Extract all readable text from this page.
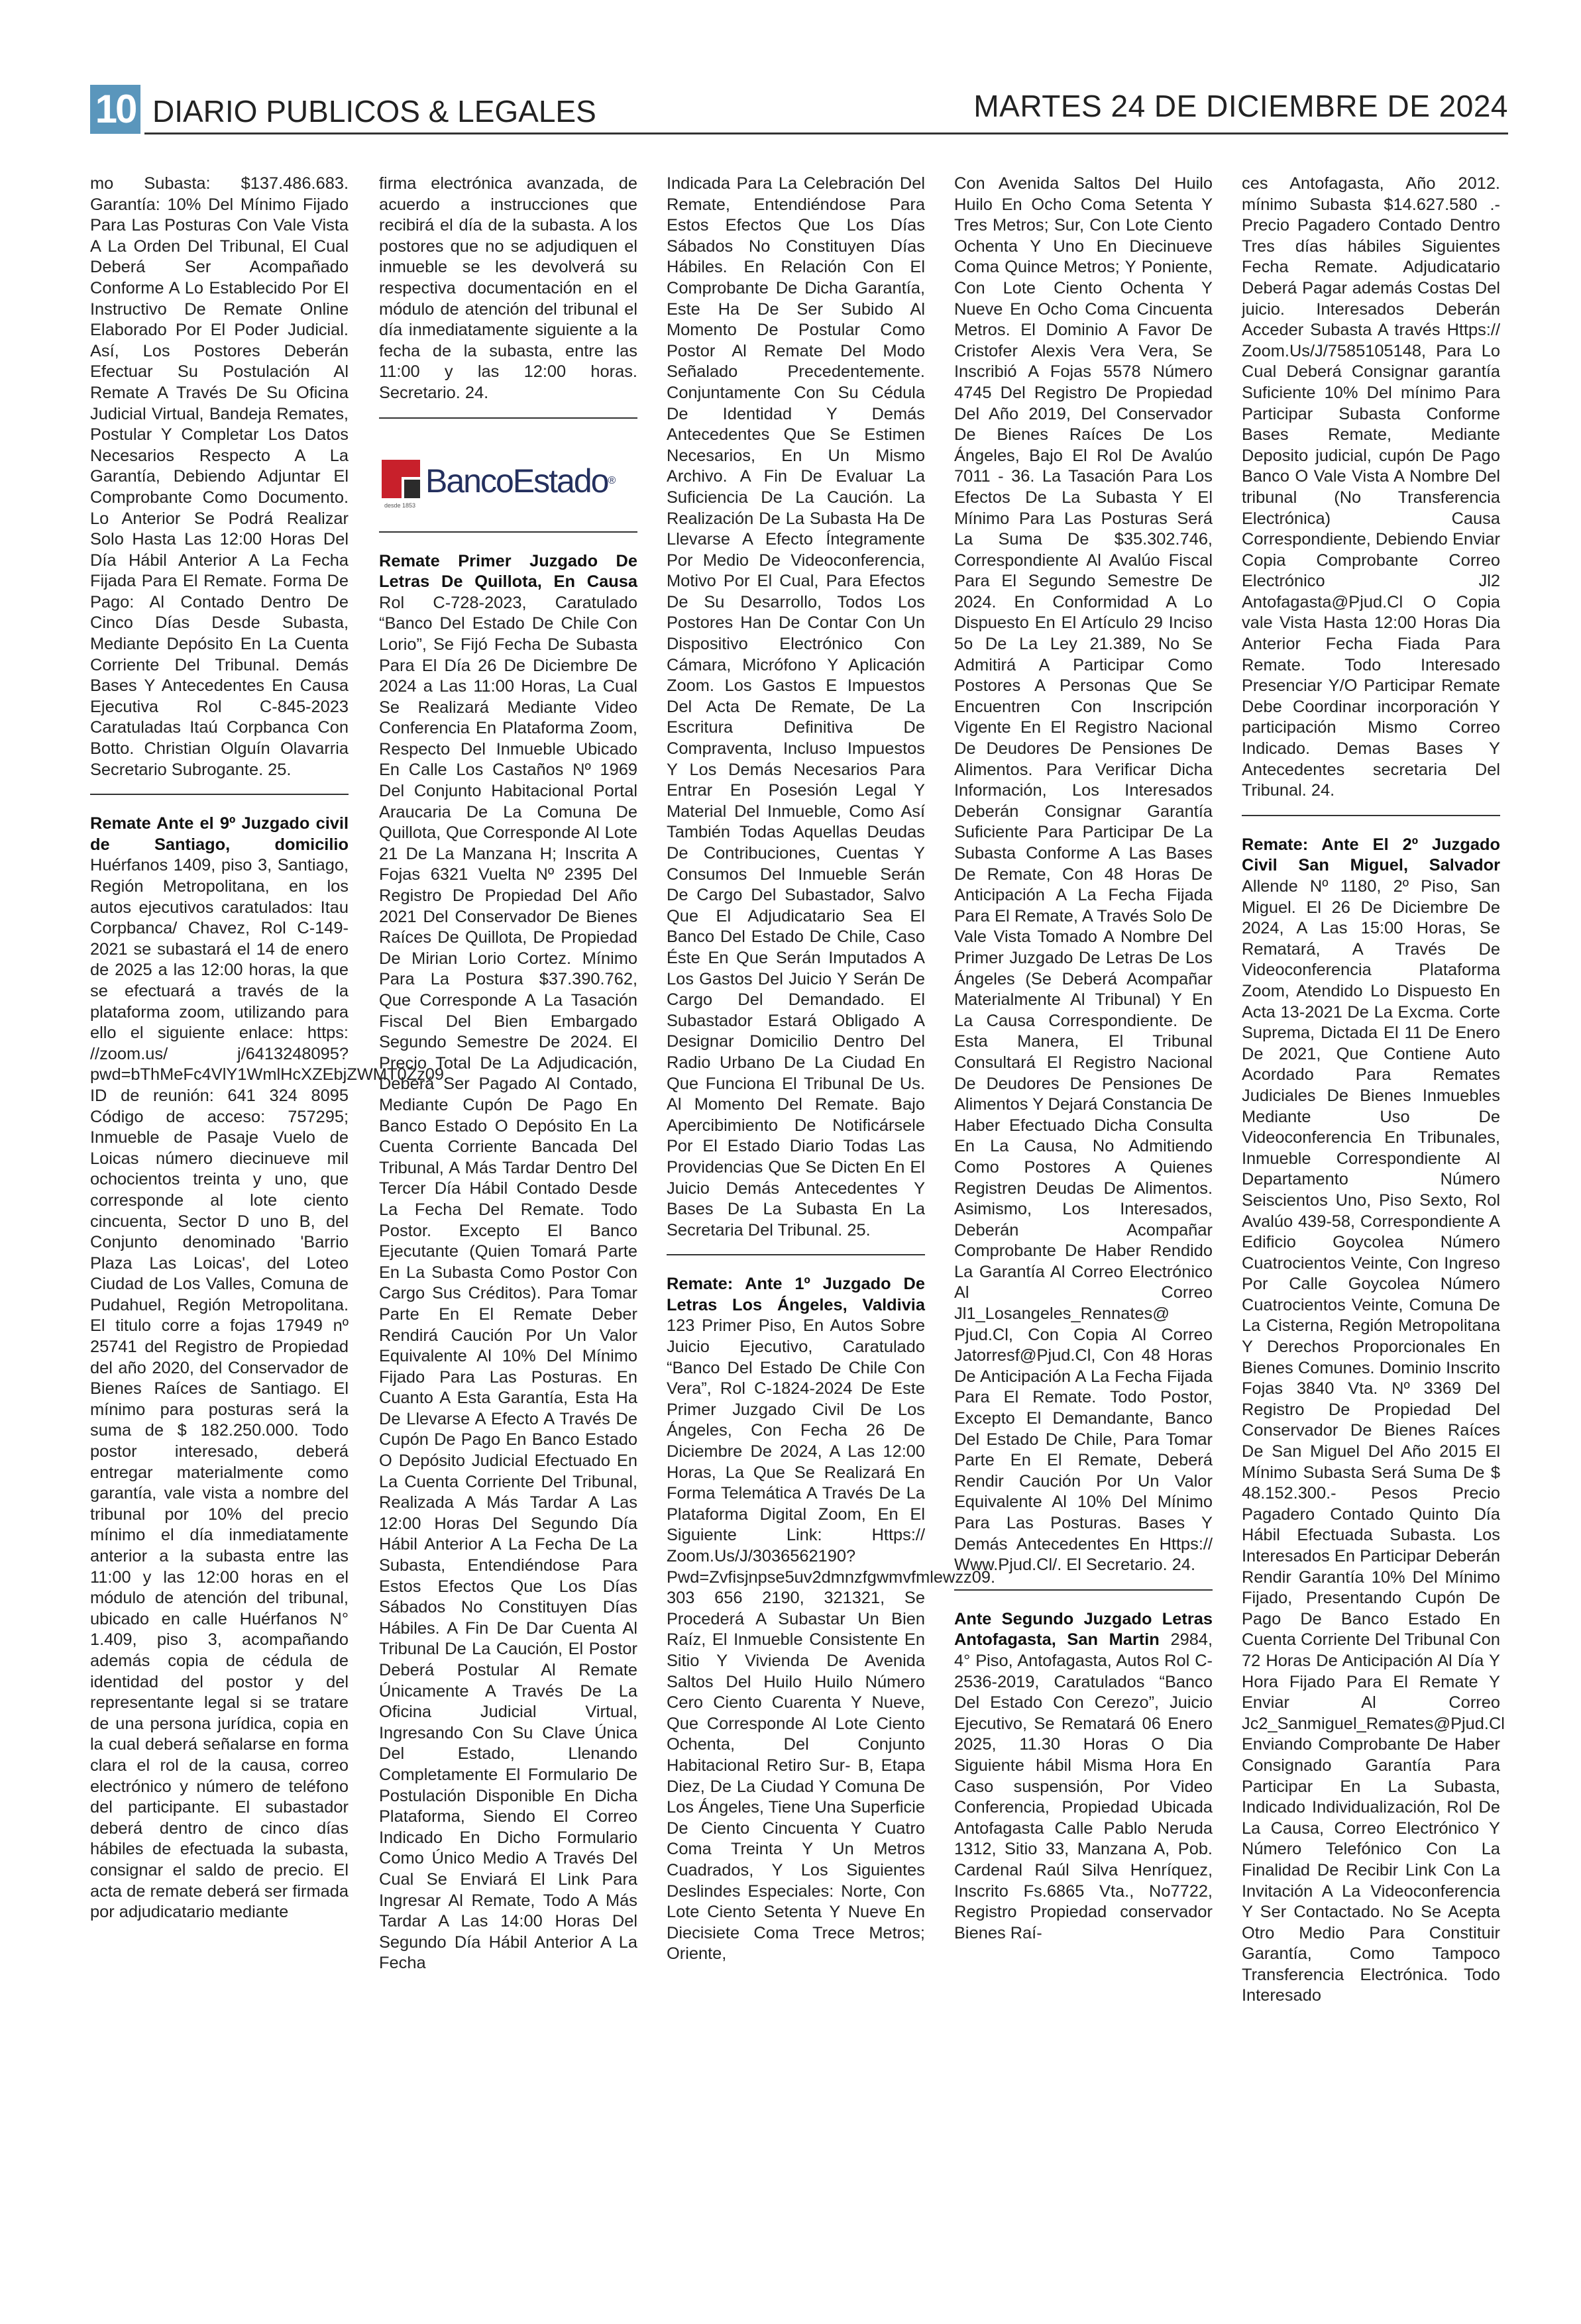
10 DIARIO PUBLICOS & LEGALES	MARTES 24 DE DICIEMBRE DE 2024

mo Subasta: $137.486.683. Garantía: 10% Del Mínimo Fijado Para Las Posturas Con Vale Vista A La Orden Del Tribunal, El Cual Deberá Ser Acompañado Conforme A Lo Establecido Por El Instructivo De Remate Online Elaborado Por El Poder Judicial. Así, Los Postores Deberán Efectuar Su Postulación Al Remate A Través De Su Oficina Judicial Virtual, Bandeja Remates, Postular Y Completar Los Datos Necesarios Respecto A La Garantía, Debiendo Adjuntar El Comprobante Como Documento. Lo Anterior Se Podrá Realizar Solo Hasta Las 12:00 Horas Del Día Hábil Anterior A La Fecha Fijada Para El Remate. Forma De Pago: Al Contado Dentro De Cinco Días Desde Subasta, Mediante Depósito En La Cuenta Corriente Del Tribunal. Demás Bases Y Antecedentes En Causa Ejecutiva Rol C-845-2023 Caratuladas Itaú Corpbanca Con Botto. Christian Olguín Olavarria Secretario Subrogante. 25.

Remate Ante el 9º Juzgado civil de Santiago, domicilio Huérfanos 1409, piso 3, Santiago, Región Metropolitana, en los autos ejecutivos caratulados: Itau Corpbanca/ Chavez, Rol C-149-2021 se subastará el 14 de enero de 2025 a las 12:00 horas, la que se efectuará a través de la plataforma zoom, utilizando para ello el siguiente enlace: https: //zoom.us/ j/6413248095?pwd=bThMeFc4VlY1WmlHcXZEbjZWMT0Zz09 ID de reunión: 641 324 8095 Código de acceso: 757295; Inmueble de Pasaje Vuelo de Loicas número diecinueve mil ochocientos treinta y uno, que corresponde al lote ciento cincuenta, Sector D uno B, del Conjunto denominado 'Barrio Plaza Las Loicas', del Loteo Ciudad de Los Valles, Comuna de Pudahuel, Región Metropolitana. El titulo corre a fojas 17949 nº 25741 del Registro de Propiedad del año 2020, del Conservador de Bienes Raíces de Santiago. El mínimo para posturas será la suma de $ 182.250.000. Todo postor interesado, deberá entregar materialmente como garantía, vale vista a nombre del tribunal por 10% del precio mínimo el día inmediatamente anterior a la subasta entre las 11:00 y las 12:00 horas en el módulo de atención del tribunal, ubicado en calle Huérfanos N° 1.409, piso 3, acompañando además copia de cédula de identidad del postor y del representante legal si se tratare de una persona jurídica, copia en la cual deberá señalarse en forma clara el rol de la causa, correo electrónico y número de teléfono del participante. El subastador deberá dentro de cinco días hábiles de efectuada la subasta, consignar el saldo de precio. El acta de remate deberá ser firmada por adjudicatario mediante

firma electrónica avanzada, de acuerdo a instrucciones que recibirá el día de la subasta. A los postores que no se adjudiquen el inmueble se les devolverá su respectiva documentación en el módulo de atención del tribunal el día inmediatamente siguiente a la fecha de la subasta, entre las 11:00 y las 12:00 horas. Secretario. 24.

desde 1853
BancoEstado®

Remate Primer Juzgado De Letras De Quillota, En Causa Rol C-728-2023, Caratulado “Banco Del Estado De Chile Con Lorio”, Se Fijó Fecha De Subasta Para El Día 26 De Diciembre De 2024 a Las 11:00 Horas, La Cual Se Realizará Mediante Video Conferencia En Plataforma Zoom, Respecto Del Inmueble Ubicado En Calle Los Castaños Nº 1969 Del Conjunto Habitacional Portal Araucaria De La Comuna De Quillota, Que Corresponde Al Lote 21 De La Manzana H; Inscrita A Fojas 6321 Vuelta Nº 2395 Del Registro De Propiedad Del Año 2021 Del Conservador De Bienes Raíces De Quillota, De Propiedad De Mirian Lorio Cortez. Mínimo Para La Postura $37.390.762, Que Corresponde A La Tasación Fiscal Del Bien Embargado Segundo Semestre De 2024. El Precio Total De La Adjudicación, Deberá Ser Pagado Al Contado, Mediante Cupón De Pago En Banco Estado O Depósito En La Cuenta Corriente Bancada Del Tribunal, A Más Tardar Dentro Del Tercer Día Hábil Contado Desde La Fecha Del Remate. Todo Postor. Excepto El Banco Ejecutante (Quien Tomará Parte En La Subasta Como Postor Con Cargo Sus Créditos). Para Tomar Parte En El Remate Deber Rendirá Caución Por Un Valor Equivalente Al 10% Del Mínimo Fijado Para Las Posturas. En Cuanto A Esta Garantía, Esta Ha De Llevarse A Efecto A Través De Cupón De Pago En Banco Estado O Depósito Judicial Efectuado En La Cuenta Corriente Del Tribunal, Realizada A Más Tardar A Las 12:00 Horas Del Segundo Día Hábil Anterior A La Fecha De La Subasta, Entendiéndose Para Estos Efectos Que Los Días Sábados No Constituyen Días Hábiles. A Fin De Dar Cuenta Al Tribunal De La Caución, El Postor Deberá Postular Al Remate Únicamente A Través De La Oficina Judicial Virtual, Ingresando Con Su Clave Única Del Estado, Llenando Completamente El Formulario De Postulación Disponible En Dicha Plataforma, Siendo El Correo Indicado En Dicho Formulario Como Único Medio A Través Del Cual Se Enviará El Link Para Ingresar Al Remate, Todo A Más Tardar A Las 14:00 Horas Del Segundo Día Hábil Anterior A La Fecha

Indicada Para La Celebración Del Remate, Entendiéndose Para Estos Efectos Que Los Días Sábados No Constituyen Días Hábiles. En Relación Con El Comprobante De Dicha Garantía, Este Ha De Ser Subido Al Momento De Postular Como Postor Al Remate Del Modo Señalado Precedentemente. Conjuntamente Con Su Cédula De Identidad Y Demás Antecedentes Que Se Estimen Necesarios, En Un Mismo Archivo. A Fin De Evaluar La Suficiencia De La Caución. La Realización De La Subasta Ha De Llevarse A Efecto Íntegramente Por Medio De Videoconferencia, Motivo Por El Cual, Para Efectos De Su Desarrollo, Todos Los Postores Han De Contar Con Un Dispositivo Electrónico Con Cámara, Micrófono Y Aplicación Zoom. Los Gastos E Impuestos Del Acta De Remate, De La Escritura Definitiva De Compraventa, Incluso Impuestos Y Los Demás Necesarios Para Entrar En Posesión Legal Y Material Del Inmueble, Como Así También Todas Aquellas Deudas De Contribuciones, Cuentas Y Consumos Del Inmueble Serán De Cargo Del Subastador, Salvo Que El Adjudicatario Sea El Banco Del Estado De Chile, Caso Éste En Que Serán Imputados A Los Gastos Del Juicio Y Serán De Cargo Del Demandado. El Subastador Estará Obligado A Designar Domicilio Dentro Del Radio Urbano De La Ciudad En Que Funciona El Tribunal De Us. Al Momento Del Remate. Bajo Apercibimiento De Notificársele Por El Estado Diario Todas Las Providencias Que Se Dicten En El Juicio Demás Antecedentes Y Bases De La Subasta En La Secretaria Del Tribunal. 25.

Remate: Ante 1º Juzgado De Letras Los Ángeles, Valdivia 123 Primer Piso, En Autos Sobre Juicio Ejecutivo, Caratulado “Banco Del Estado De Chile Con Vera”, Rol C-1824-2024 De Este Primer Juzgado Civil De Los Ángeles, Con Fecha 26 De Diciembre De 2024, A Las 12:00 Horas, La Que Se Realizará En Forma Telemática A Través De La Plataforma Digital Zoom, En El Siguiente Link: Https:// Zoom.Us/J/3036562190?Pwd=Zvfisjnpse5uv2dmnzfgwmvfmlewzz09. 303 656 2190, 321321, Se Procederá A Subastar Un Bien Raíz, El Inmueble Consistente En Sitio Y Vivienda De Avenida Saltos Del Huilo Huilo Número Cero Ciento Cuarenta Y Nueve, Que Corresponde Al Lote Ciento Ochenta, Del Conjunto Habitacional Retiro Sur- B, Etapa Diez, De La Ciudad Y Comuna De Los Ángeles, Tiene Una Superficie De Ciento Cincuenta Y Cuatro Coma Treinta Y Un Metros Cuadrados, Y Los Siguientes Deslindes Especiales: Norte, Con Lote Ciento Setenta Y Nueve En Diecisiete Coma Trece Metros; Oriente,

Con Avenida Saltos Del Huilo Huilo En Ocho Coma Setenta Y Tres Metros; Sur, Con Lote Ciento Ochenta Y Uno En Diecinueve Coma Quince Metros; Y Poniente, Con Lote Ciento Ochenta Y Nueve En Ocho Coma Cincuenta Metros. El Dominio A Favor De Cristofer Alexis Vera Vera, Se Inscribió A Fojas 5578 Número 4745 Del Registro De Propiedad Del Año 2019, Del Conservador De Bienes Raíces De Los Ángeles, Bajo El Rol De Avalúo 7011 - 36. La Tasación Para Los Efectos De La Subasta Y El Mínimo Para Las Posturas Será La Suma De $35.302.746, Correspondiente Al Avalúo Fiscal Para El Segundo Semestre De 2024. En Conformidad A Lo Dispuesto En El Artículo 29 Inciso 5o De La Ley 21.389, No Se Admitirá A Participar Como Postores A Personas Que Se Encuentren Con Inscripción Vigente En El Registro Nacional De Deudores De Pensiones De Alimentos. Para Verificar Dicha Información, Los Interesados Deberán Consignar Garantía Suficiente Para Participar De La Subasta Conforme A Las Bases De Remate, Con 48 Horas De Anticipación A La Fecha Fijada Para El Remate, A Través Solo De Vale Vista Tomado A Nombre Del Primer Juzgado De Letras De Los Ángeles (Se Deberá Acompañar Materialmente Al Tribunal) Y En La Causa Correspondiente. De Esta Manera, El Tribunal Consultará El Registro Nacional De Deudores De Pensiones De Alimentos Y Dejará Constancia De Haber Efectuado Dicha Consulta En La Causa, No Admitiendo Como Postores A Quienes Registren Deudas De Alimentos. Asimismo, Los Interesados, Deberán Acompañar Comprobante De Haber Rendido La Garantía Al Correo Electrónico Al Correo Jl1_Losangeles_Rennates@ Pjud.Cl, Con Copia Al Correo Jatorresf@Pjud.Cl, Con 48 Horas De Anticipación A La Fecha Fijada Para El Remate. Todo Postor, Excepto El Demandante, Banco Del Estado De Chile, Para Tomar Parte En El Remate, Deberá Rendir Caución Por Un Valor Equivalente Al 10% Del Mínimo Para Las Posturas. Bases Y Demás Antecedentes En Https:// Www.Pjud.Cl/. El Secretario. 24.

Ante Segundo Juzgado Letras Antofagasta, San Martin 2984, 4° Piso, Antofagasta, Autos Rol C-2536-2019, Caratulados “Banco Del Estado Con Cerezo”, Juicio Ejecutivo, Se Rematará 06 Enero 2025, 11.30 Horas O Dia Siguiente hábil Misma Hora En Caso suspensión, Por Video Conferencia, Propiedad Ubicada Antofagasta Calle Pablo Neruda 1312, Sitio 33, Manzana A, Pob. Cardenal Raúl Silva Henríquez, Inscrito Fs.6865 Vta., No7722, Registro Propiedad conservador Bienes Raí-

ces Antofagasta, Año 2012. mínimo Subasta $14.627.580 .- Precio Pagadero Contado Dentro Tres días hábiles Siguientes Fecha Remate. Adjudicatario Deberá Pagar además Costas Del juicio. Interesados Deberán Acceder Subasta A través Https:// Zoom.Us/J/7585105148, Para Lo Cual Deberá Consignar garantía Suficiente 10% Del mínimo Para Participar Subasta Conforme Bases Remate, Mediante Deposito judicial, cupón De Pago Banco O Vale Vista A Nombre Del tribunal (No Transferencia Electrónica) Causa Correspondiente, Debiendo Enviar Copia Comprobante Correo Electrónico Jl2 Antofagasta@Pjud.Cl O Copia vale Vista Hasta 12:00 Horas Dia Anterior Fecha Fiada Para Remate. Todo Interesado Presenciar Y/O Participar Remate Debe Coordinar incorporación Y participación Mismo Correo Indicado. Demas Bases Y Antecedentes secretaria Del Tribunal. 24.

Remate: Ante El 2º Juzgado Civil San Miguel, Salvador Allende Nº 1180, 2º Piso, San Miguel. El 26 De Diciembre De 2024, A Las 15:00 Horas, Se Rematará, A Través De Videoconferencia Plataforma Zoom, Atendido Lo Dispuesto En Acta 13-2021 De La Excma. Corte Suprema, Dictada El 11 De Enero De 2021, Que Contiene Auto Acordado Para Remates Judiciales De Bienes Inmuebles Mediante Uso De Videoconferencia En Tribunales, Inmueble Correspondiente Al Departamento Número Seiscientos Uno, Piso Sexto, Rol Avalúo 439-58, Correspondiente A Edificio Goycolea Número Cuatrocientos Veinte, Con Ingreso Por Calle Goycolea Número Cuatrocientos Veinte, Comuna De La Cisterna, Región Metropolitana Y Derechos Proporcionales En Bienes Comunes. Dominio Inscrito Fojas 3840 Vta. Nº 3369 Del Registro De Propiedad Del Conservador De Bienes Raíces De San Miguel Del Año 2015 El Mínimo Subasta Será Suma De $ 48.152.300.- Pesos Precio Pagadero Contado Quinto Día Hábil Efectuada Subasta. Los Interesados En Participar Deberán Rendir Garantía 10% Del Mínimo Fijado, Presentando Cupón De Pago De Banco Estado En Cuenta Corriente Del Tribunal Con 72 Horas De Anticipación Al Día Y Hora Fijado Para El Remate Y Enviar Al Correo Jc2_Sanmiguel_Remates@Pjud.Cl Enviando Comprobante De Haber Consignado Garantía Para Participar En La Subasta, Indicado Individualización, Rol De La Causa, Correo Electrónico Y Número Telefónico Con La Finalidad De Recibir Link Con La Invitación A La Videoconferencia Y Ser Contactado. No Se Acepta Otro Medio Para Constituir Garantía, Como Tampoco Transferencia Electrónica. Todo Interesado
